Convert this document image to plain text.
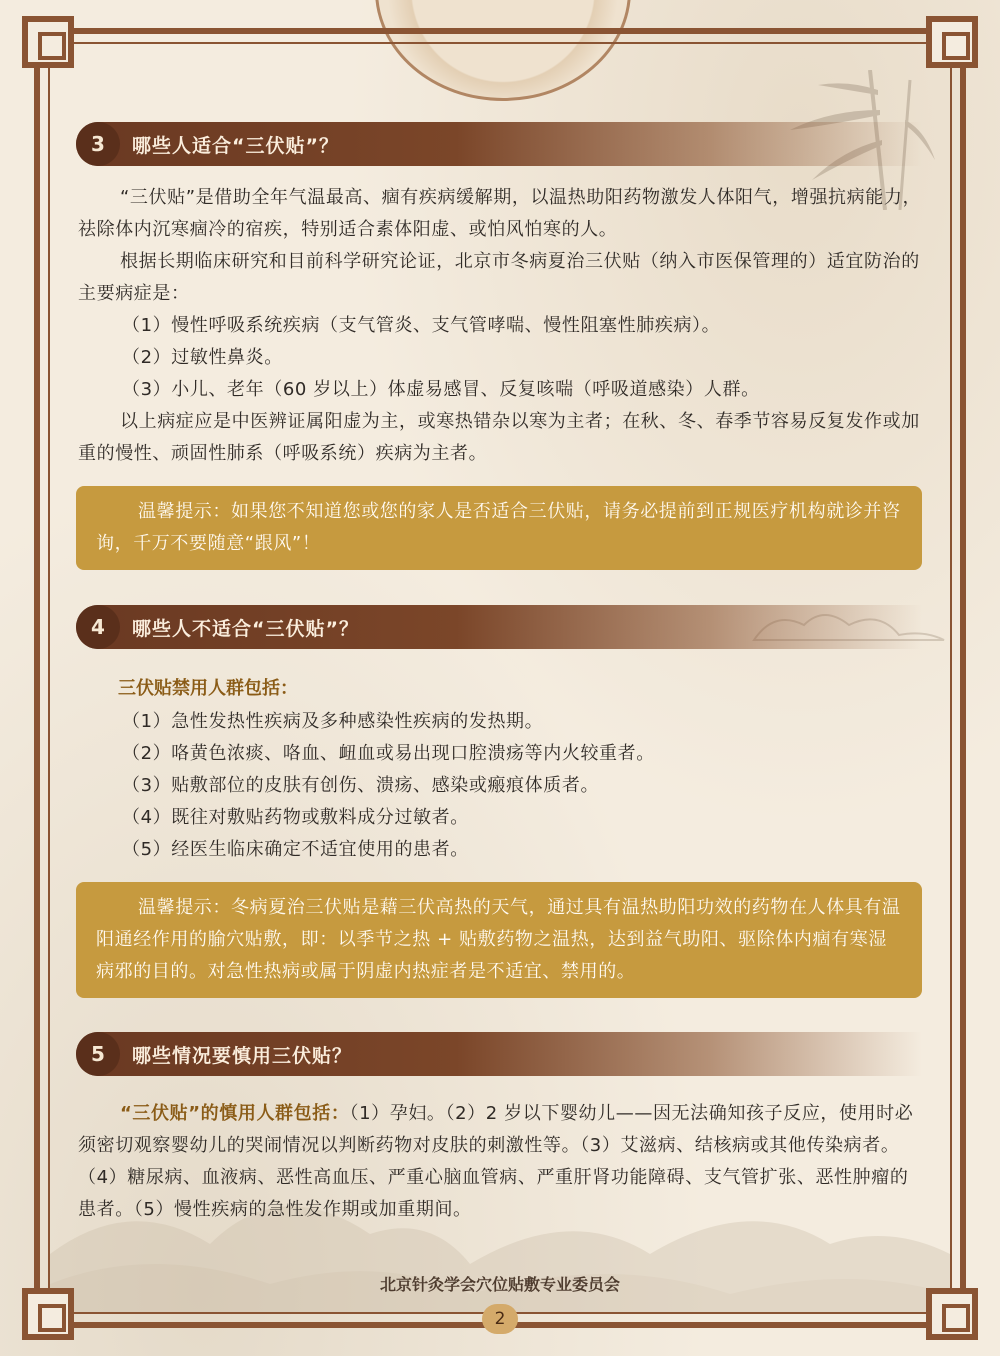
3	哪些人适合“三伏贴”？

“三伏贴”是借助全年气温最高、痼有疾病缓解期，以温热助阳药物激发人体阳气，增强抗病能力，祛除体内沉寒痼冷的宿疾，特别适合素体阳虚、或怕风怕寒的人。

根据长期临床研究和目前科学研究论证，北京市冬病夏治三伏贴（纳入市医保管理的）适宜防治的主要病症是：

（1）慢性呼吸系统疾病（支气管炎、支气管哮喘、慢性阻塞性肺疾病）。

（2）过敏性鼻炎。

（3）小儿、老年（60 岁以上）体虚易感冒、反复咳喘（呼吸道感染）人群。

以上病症应是中医辨证属阳虚为主，或寒热错杂以寒为主者；在秋、冬、春季节容易反复发作或加重的慢性、顽固性肺系（呼吸系统）疾病为主者。

温馨提示：如果您不知道您或您的家人是否适合三伏贴，请务必提前到正规医疗机构就诊并咨询，千万不要随意“跟风”！

4	哪些人不适合“三伏贴”？
三伏贴禁用人群包括：

（1）急性发热性疾病及多种感染性疾病的发热期。

（2）咯黄色浓痰、咯血、衄血或易出现口腔溃疡等内火较重者。

（3）贴敷部位的皮肤有创伤、溃疡、感染或瘢痕体质者。

（4）既往对敷贴药物或敷料成分过敏者。

（5）经医生临床确定不适宜使用的患者。

温馨提示：冬病夏治三伏贴是藉三伏高热的天气，通过具有温热助阳功效的药物在人体具有温阳通经作用的腧穴贴敷，即：以季节之热 + 贴敷药物之温热，达到益气助阳、驱除体内痼有寒湿病邪的目的。对急性热病或属于阴虚内热症者是不适宜、禁用的。

5	哪些情况要慎用三伏贴？

“三伏贴”的慎用人群包括：（1）孕妇。（2）2 岁以下婴幼儿——因无法确知孩子反应，使用时必须密切观察婴幼儿的哭闹情况以判断药物对皮肤的刺激性等。（3）艾滋病、结核病或其他传染病者。（4）糖尿病、血液病、恶性高血压、严重心脑血管病、严重肝肾功能障碍、支气管扩张、恶性肿瘤的患者。（5）慢性疾病的急性发作期或加重期间。

北京针灸学会穴位贴敷专业委员会
2
